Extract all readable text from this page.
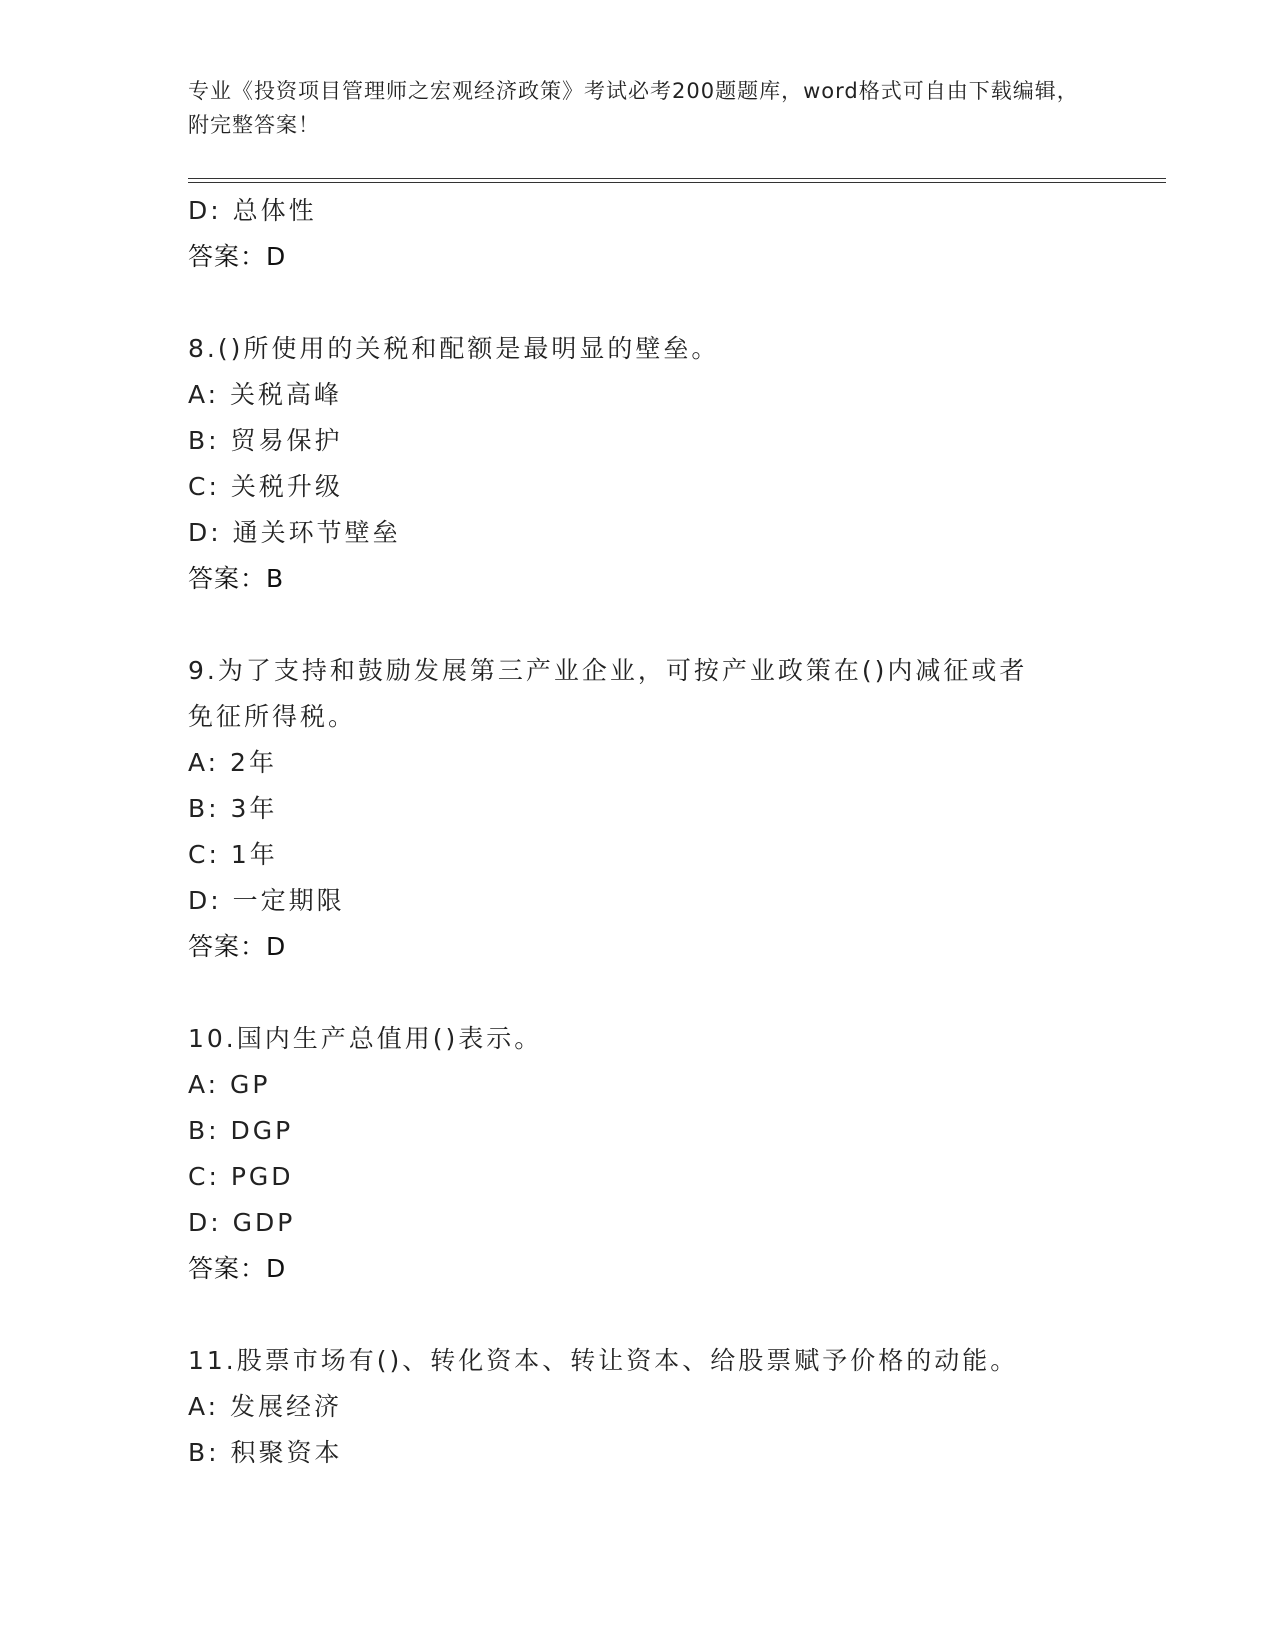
专业《投资项目管理师之宏观经济政策》考试必考200题题库，word格式可自由下载编辑，附完整答案！
D: 总体性
答案：D
8.()所使用的关税和配额是最明显的壁垒。
A: 关税高峰
B: 贸易保护
C: 关税升级
D: 通关环节壁垒
答案：B
9.为了支持和鼓励发展第三产业企业，可按产业政策在()内减征或者免征所得税。
A: 2年
B: 3年
C: 1年
D: 一定期限
答案：D
10.国内生产总值用()表示。
A: GP
B: DGP
C: PGD
D: GDP
答案：D
11.股票市场有()、转化资本、转让资本、给股票赋予价格的动能。
A: 发展经济
B: 积聚资本
